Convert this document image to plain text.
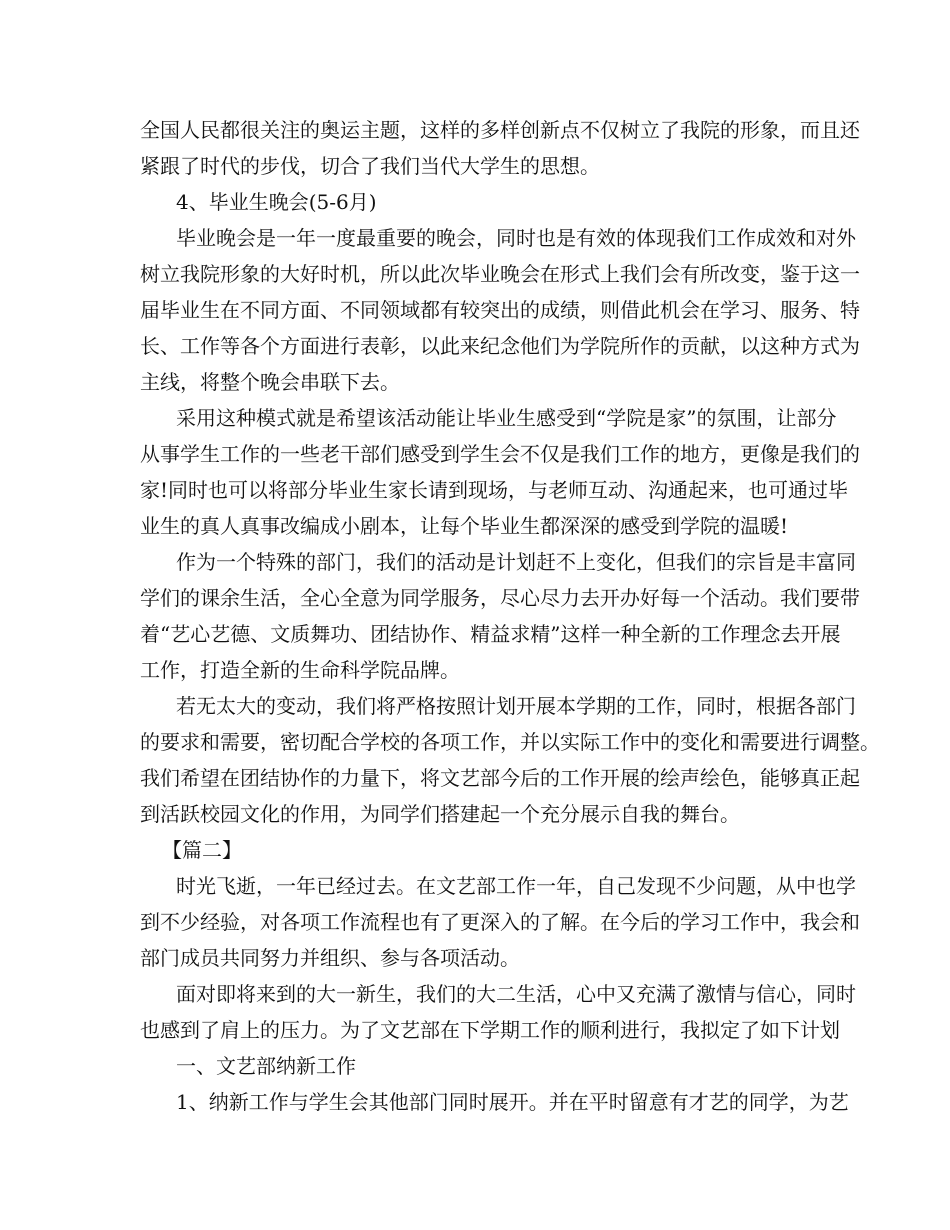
全国人民都很关注的奥运主题，这样的多样创新点不仅树立了我院的形象，而且还
紧跟了时代的步伐，切合了我们当代大学生的思想。
4、毕业生晚会(5-6月)
毕业晚会是一年一度最重要的晚会，同时也是有效的体现我们工作成效和对外
树立我院形象的大好时机，所以此次毕业晚会在形式上我们会有所改变，鉴于这一
届毕业生在不同方面、不同领域都有较突出的成绩，则借此机会在学习、服务、特
长、工作等各个方面进行表彰，以此来纪念他们为学院所作的贡献，以这种方式为
主线，将整个晚会串联下去。
采用这种模式就是希望该活动能让毕业生感受到“学院是家”的氛围，让部分
从事学生工作的一些老干部们感受到学生会不仅是我们工作的地方，更像是我们的
家!同时也可以将部分毕业生家长请到现场，与老师互动、沟通起来，也可通过毕
业生的真人真事改编成小剧本，让每个毕业生都深深的感受到学院的温暖!
作为一个特殊的部门，我们的活动是计划赶不上变化，但我们的宗旨是丰富同
学们的课余生活，全心全意为同学服务，尽心尽力去开办好每一个活动。我们要带
着“艺心艺德、文质舞功、团结协作、精益求精”这样一种全新的工作理念去开展
工作，打造全新的生命科学院品牌。
若无太大的变动，我们将严格按照计划开展本学期的工作，同时，根据各部门
的要求和需要，密切配合学校的各项工作，并以实际工作中的变化和需要进行调整。
我们希望在团结协作的力量下，将文艺部今后的工作开展的绘声绘色，能够真正起
到活跃校园文化的作用，为同学们搭建起一个充分展示自我的舞台。
【篇二】
时光飞逝，一年已经过去。在文艺部工作一年，自己发现不少问题，从中也学
到不少经验，对各项工作流程也有了更深入的了解。在今后的学习工作中，我会和
部门成员共同努力并组织、参与各项活动。
面对即将来到的大一新生，我们的大二生活，心中又充满了激情与信心，同时
也感到了肩上的压力。为了文艺部在下学期工作的顺利进行，我拟定了如下计划
一、文艺部纳新工作
1、纳新工作与学生会其他部门同时展开。并在平时留意有才艺的同学，为艺
